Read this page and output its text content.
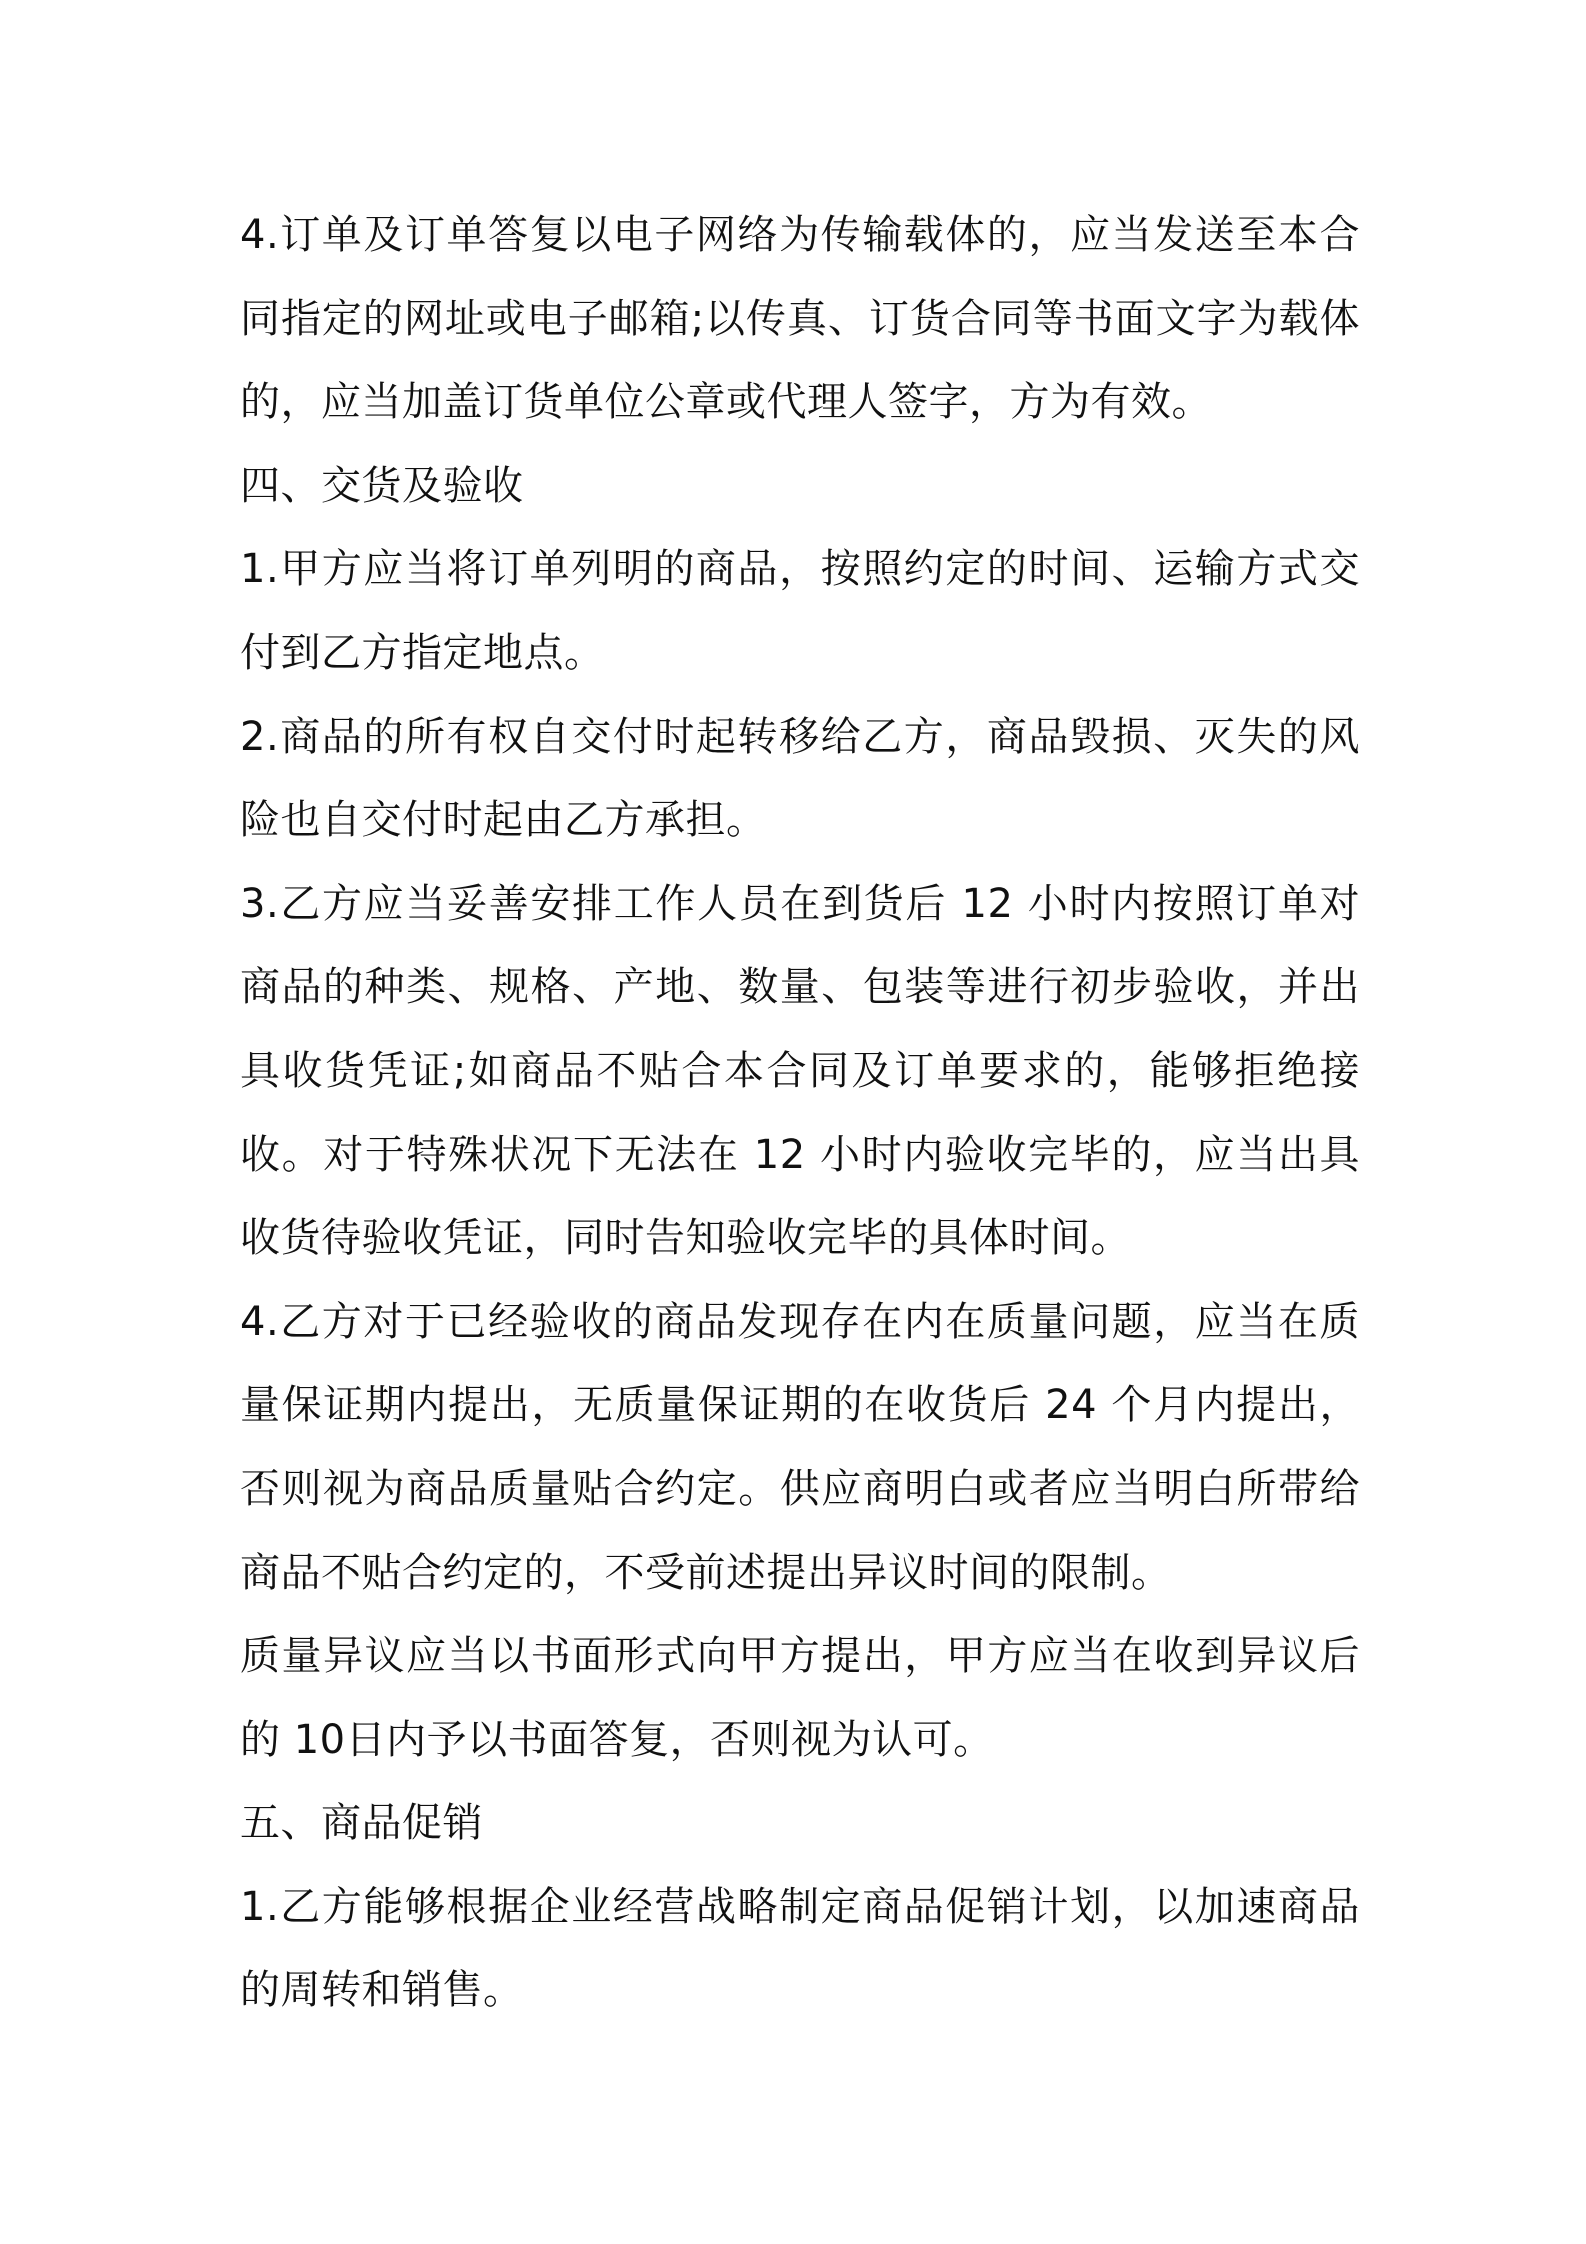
4.订单及订单答复以电子网络为传输载体的，应当发送至本合同指定的网址或电子邮箱;以传真、订货合同等书面文字为载体的，应当加盖订货单位公章或代理人签字，方为有效。

四、交货及验收

1.甲方应当将订单列明的商品，按照约定的时间、运输方式交付到乙方指定地点。

2.商品的所有权自交付时起转移给乙方，商品毁损、灭失的风险也自交付时起由乙方承担。

3.乙方应当妥善安排工作人员在到货后 12 小时内按照订单对商品的种类、规格、产地、数量、包装等进行初步验收，并出具收货凭证;如商品不贴合本合同及订单要求的，能够拒绝接收。对于特殊状况下无法在 12 小时内验收完毕的，应当出具收货待验收凭证，同时告知验收完毕的具体时间。

4.乙方对于已经验收的商品发现存在内在质量问题，应当在质量保证期内提出，无质量保证期的在收货后 24 个月内提出，否则视为商品质量贴合约定。供应商明白或者应当明白所带给商品不贴合约定的，不受前述提出异议时间的限制。

质量异议应当以书面形式向甲方提出，甲方应当在收到异议后的 10日内予以书面答复，否则视为认可。

五、商品促销

1.乙方能够根据企业经营战略制定商品促销计划，以加速商品的周转和销售。
